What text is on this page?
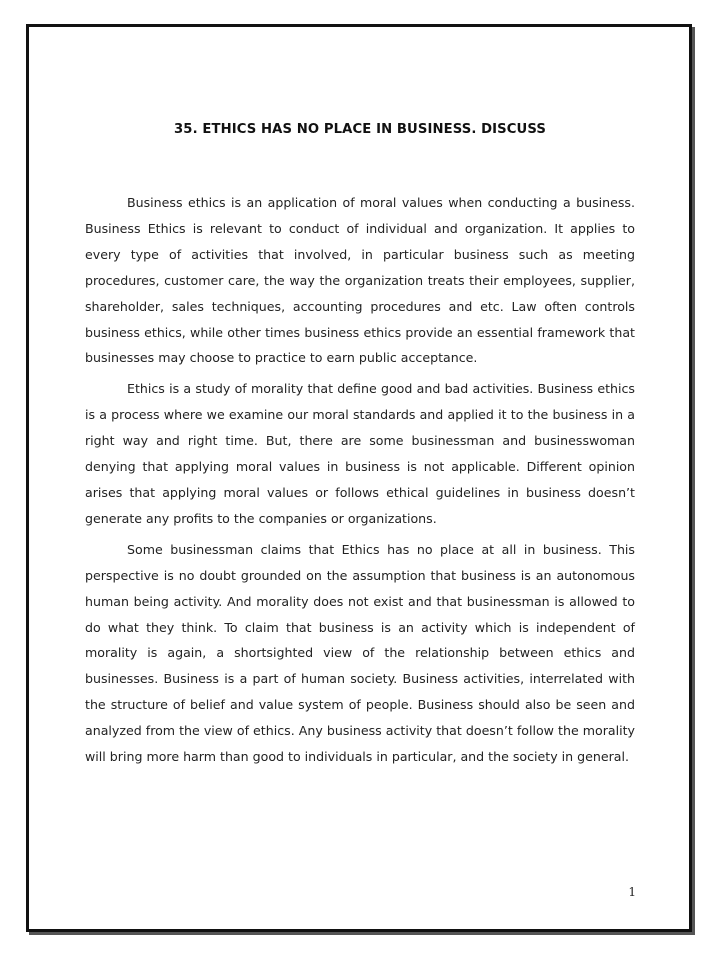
35. ETHICS HAS NO PLACE IN BUSINESS. DISCUSS

Business ethics is an application of moral values when conducting a business. Business Ethics is relevant to conduct of individual and organization. It applies to every type of activities that involved, in particular business such as meeting procedures, customer care, the way the organization treats their employees, supplier, shareholder, sales techniques, accounting procedures and etc. Law often controls business ethics, while other times business ethics provide an essential framework that businesses may choose to practice to earn public acceptance.

Ethics is a study of morality that define good and bad activities. Business ethics is a process where we examine our moral standards and applied it to the business in a right way and right time. But, there are some businessman and businesswoman denying that applying moral values in business is not applicable. Different opinion arises that applying moral values or follows ethical guidelines in business doesn’t generate any profits to the companies or organizations.

Some businessman claims that Ethics has no place at all in business. This perspective is no doubt grounded on the assumption that business is an autonomous human being activity. And morality does not exist and that businessman is allowed to do what they think. To claim that business is an activity which is independent of morality is again, a shortsighted view of the relationship between ethics and businesses. Business is a part of human society. Business activities, interrelated with the structure of belief and value system of people. Business should also be seen and analyzed from the view of ethics. Any business activity that doesn’t follow the morality will bring more harm than good to individuals in particular, and the society in general.

1
